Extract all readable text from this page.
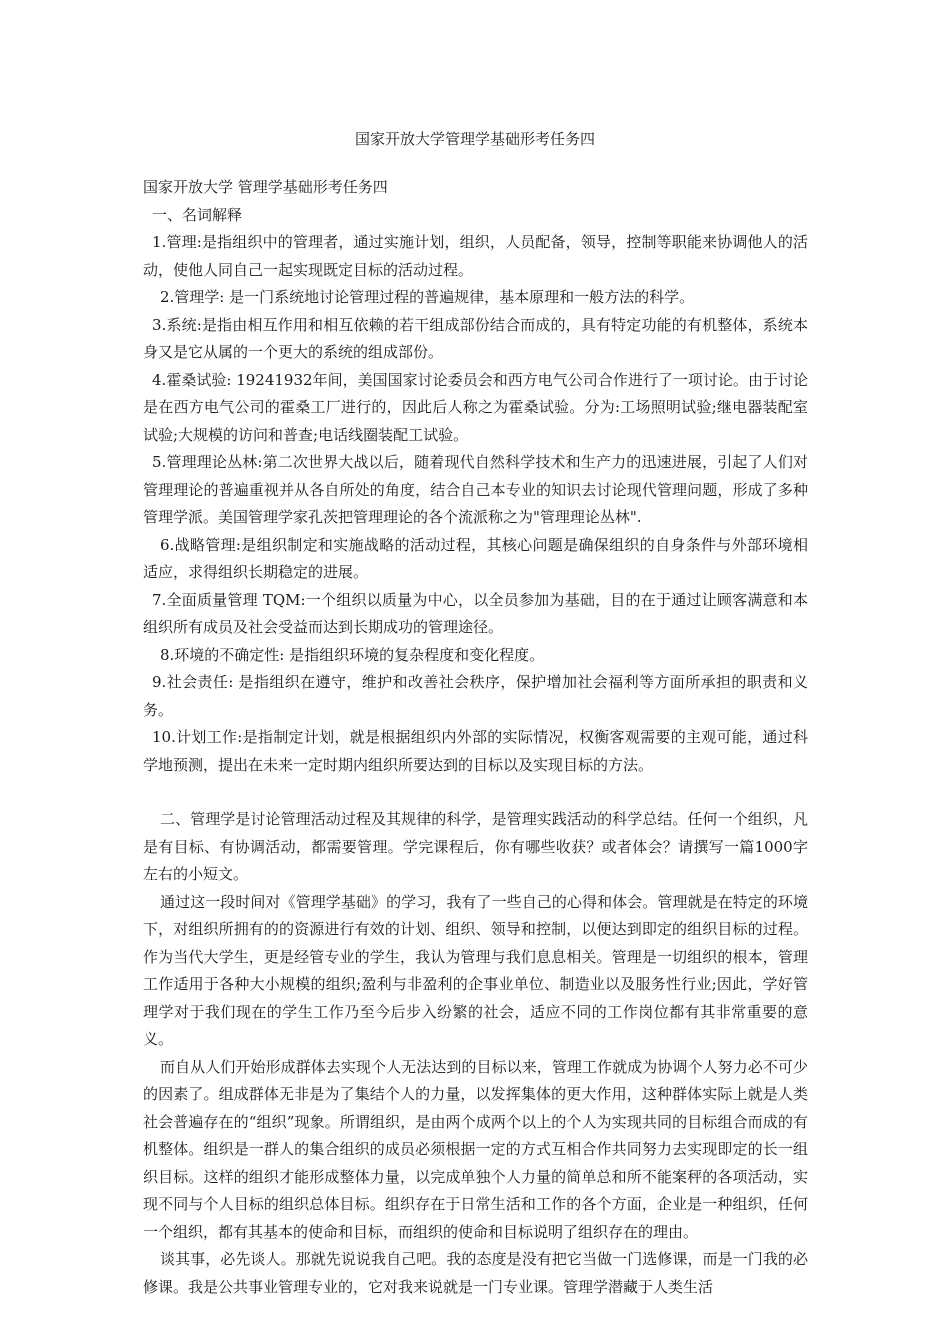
国家开放大学管理学基础形考任务四

国家开放大学 管理学基础形考任务四

一、名词解释

1.管理:是指组织中的管理者，通过实施计划，组织，人员配备，领导，控制等职能来协调他人的活动，使他人同自己一起实现既定目标的活动过程。

2.管理学: 是一门系统地讨论管理过程的普遍规律，基本原理和一般方法的科学。

3.系统:是指由相互作用和相互依赖的若干组成部份结合而成的，具有特定功能的有机整体，系统本身又是它从属的一个更大的系统的组成部份。

4.霍桑试验: 19241932年间，美国国家讨论委员会和西方电气公司合作进行了一项讨论。由于讨论是在西方电气公司的霍桑工厂进行的，因此后人称之为霍桑试验。分为:工场照明试验;继电器装配室试验;大规模的访问和普查;电话线圈装配工试验。

5.管理理论丛林:第二次世界大战以后，随着现代自然科学技术和生产力的迅速进展，引起了人们对管理理论的普遍重视并从各自所处的角度，结合自己本专业的知识去讨论现代管理问题，形成了多种管理学派。美国管理学家孔茨把管理理论的各个流派称之为"管理理论丛林".

6.战略管理:是组织制定和实施战略的活动过程，其核心问题是确保组织的自身条件与外部环境相适应，求得组织长期稳定的进展。

7.全面质量管理 TQM:一个组织以质量为中心，以全员参加为基础，目的在于通过让顾客满意和本组织所有成员及社会受益而达到长期成功的管理途径。

8.环境的不确定性: 是指组织环境的复杂程度和变化程度。

9.社会责任: 是指组织在遵守，维护和改善社会秩序，保护增加社会福利等方面所承担的职责和义务。

10.计划工作:是指制定计划，就是根据组织内外部的实际情况，权衡客观需要的主观可能，通过科学地预测，提出在未来一定时期内组织所要达到的目标以及实现目标的方法。

二、管理学是讨论管理活动过程及其规律的科学，是管理实践活动的科学总结。任何一个组织，凡是有目标、有协调活动，都需要管理。学完课程后，你有哪些收获？或者体会？请撰写一篇1000字左右的小短文。

通过这一段时间对《管理学基础》的学习，我有了一些自己的心得和体会。管理就是在特定的环境下，对组织所拥有的的资源进行有效的计划、组织、领导和控制，以便达到即定的组织目标的过程。作为当代大学生，更是经管专业的学生，我认为管理与我们息息相关。管理是一切组织的根本，管理工作适用于各种大小规模的组织;盈利与非盈利的企事业单位、制造业以及服务性行业;因此，学好管理学对于我们现在的学生工作乃至今后步入纷繁的社会，适应不同的工作岗位都有其非常重要的意义。

而自从人们开始形成群体去实现个人无法达到的目标以来，管理工作就成为协调个人努力必不可少的因素了。组成群体无非是为了集结个人的力量，以发挥集体的更大作用，这种群体实际上就是人类社会普遍存在的“组织”现象。所谓组织，是由两个成两个以上的个人为实现共同的目标组合而成的有机整体。组织是一群人的集合组织的成员必须根据一定的方式互相合作共同努力去实现即定的长一组织目标。这样的组织才能形成整体力量，以完成单独个人力量的简单总和所不能案秤的各项活动，实现不同与个人目标的组织总体目标。组织存在于日常生活和工作的各个方面，企业是一种组织，任何一个组织，都有其基本的使命和目标，而组织的使命和目标说明了组织存在的理由。

谈其事，必先谈人。那就先说说我自己吧。我的态度是没有把它当做一门选修课，而是一门我的必修课。我是公共事业管理专业的，它对我来说就是一门专业课。管理学潜藏于人类生活
